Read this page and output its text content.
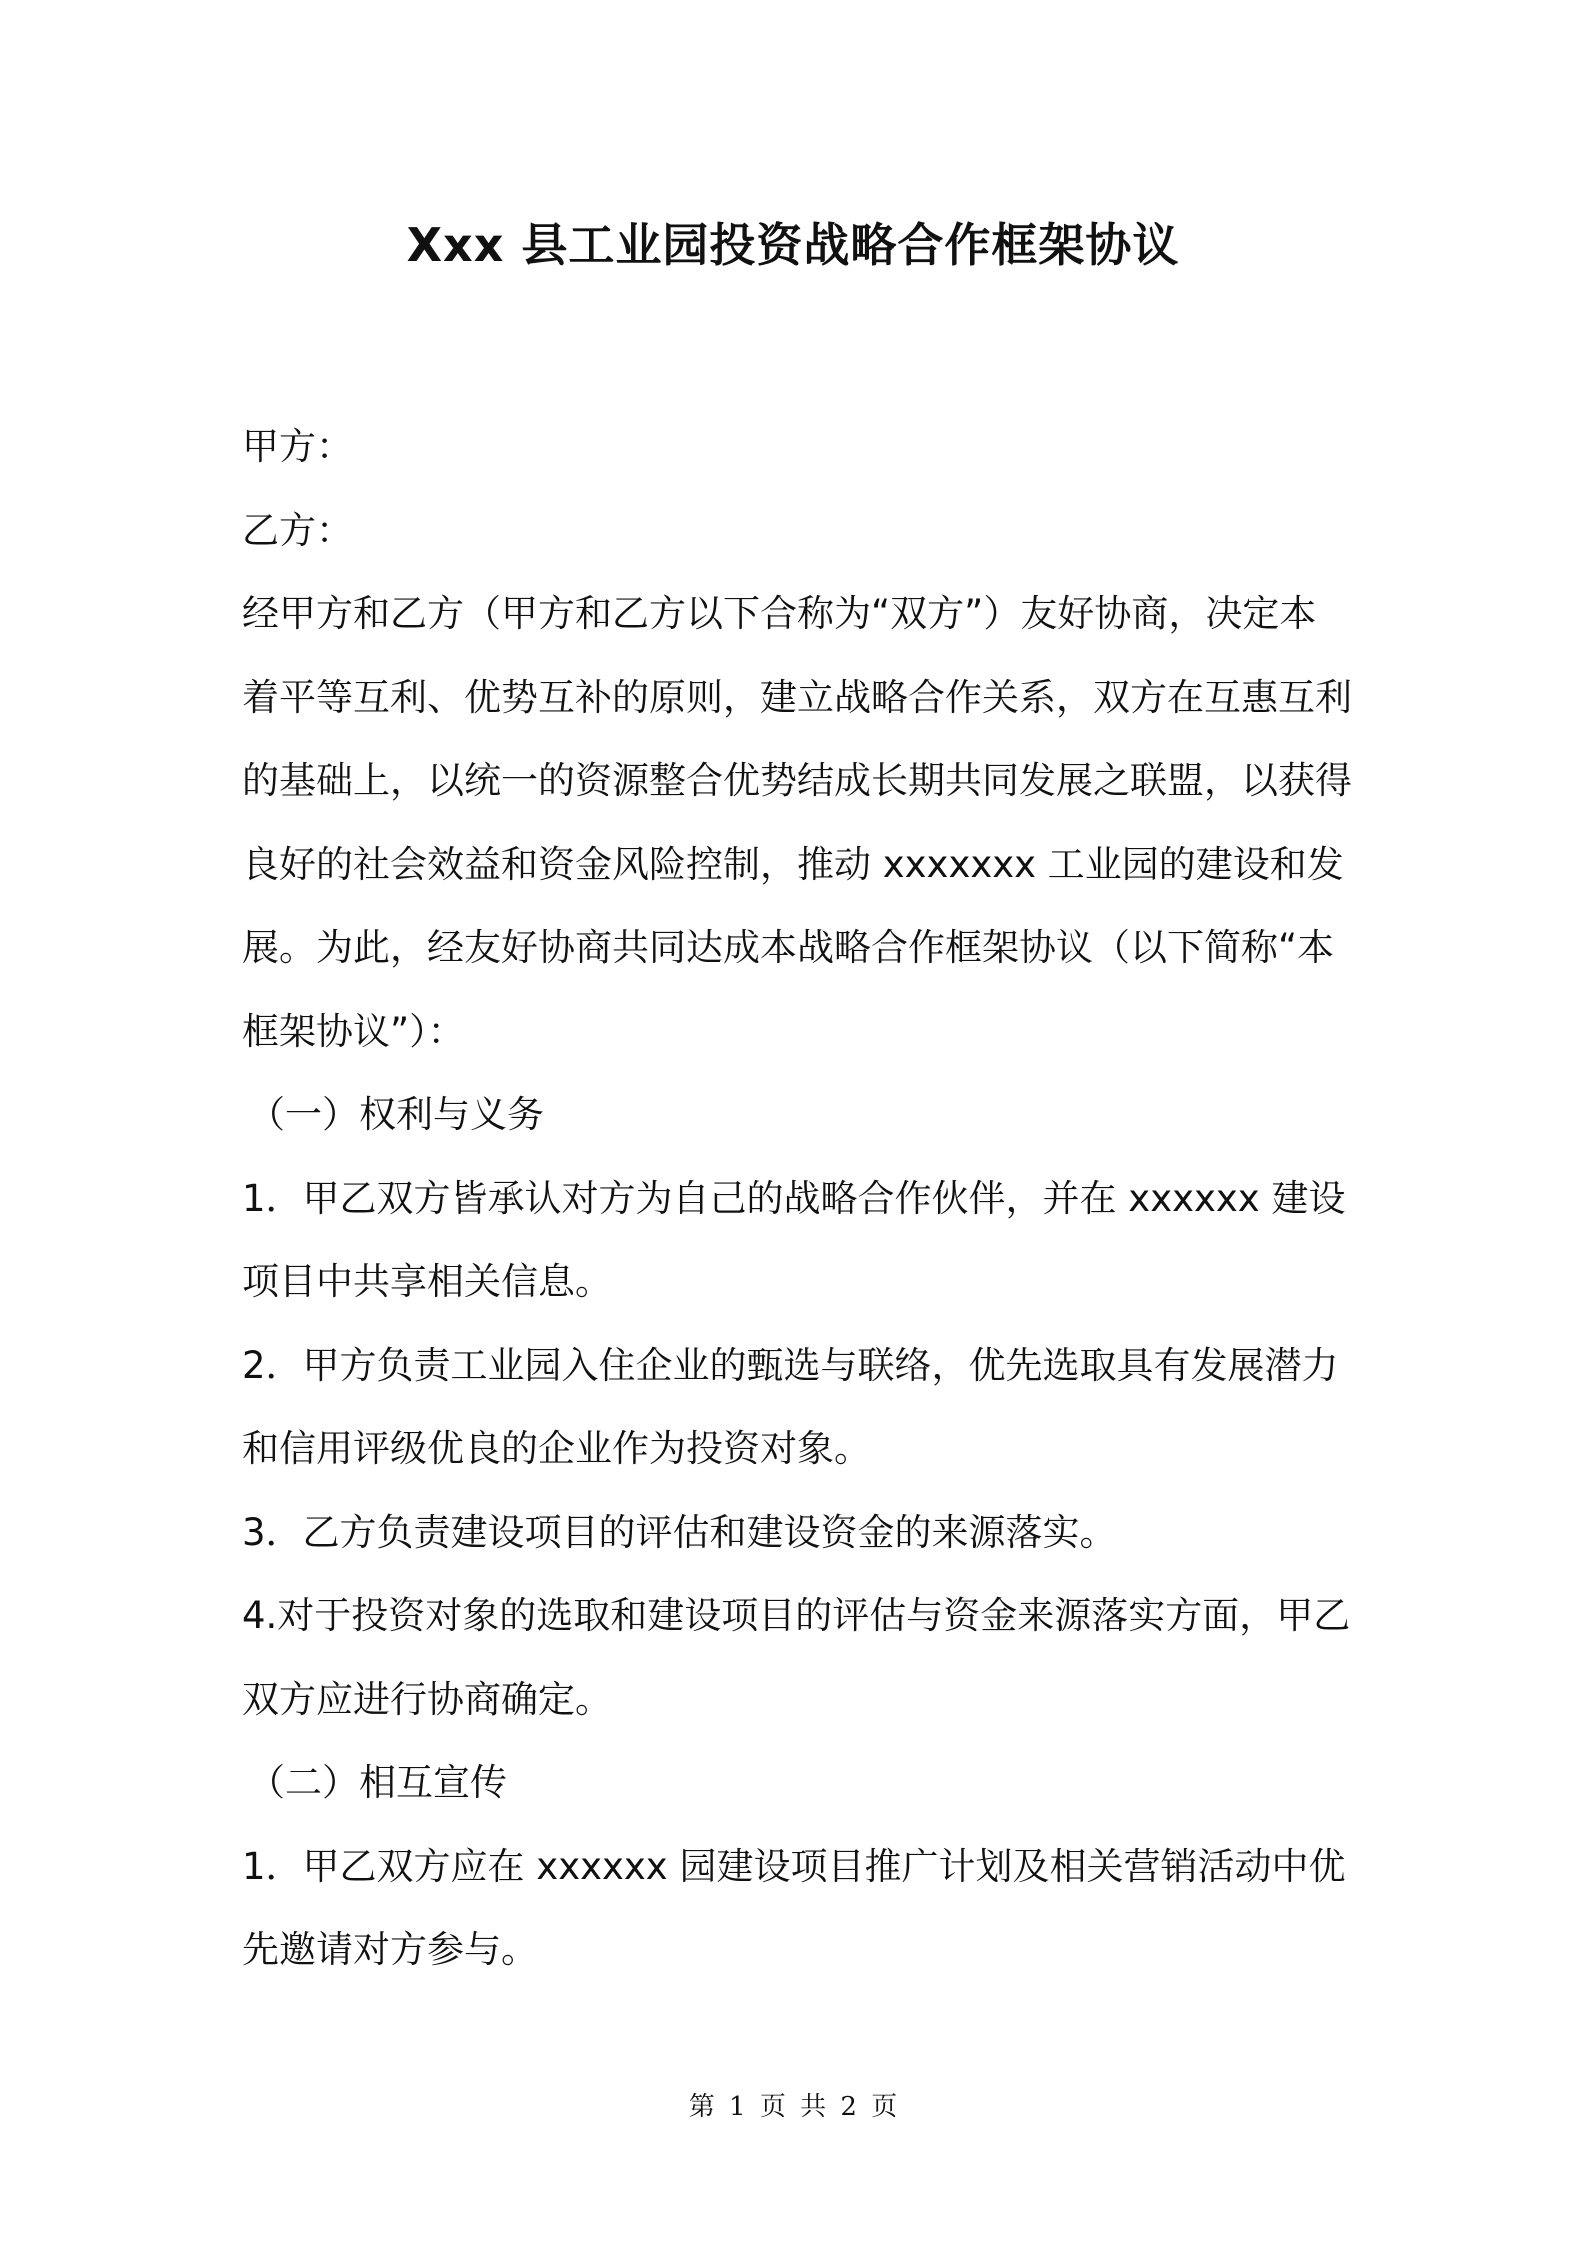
Xxx 县工业园投资战略合作框架协议
甲方：
乙方：
经甲方和乙方（甲方和乙方以下合称为“双方”）友好协商，决定本
着平等互利、优势互补的原则，建立战略合作关系，双方在互惠互利
的基础上，以统一的资源整合优势结成长期共同发展之联盟，以获得
良好的社会效益和资金风险控制，推动 xxxxxxx 工业园的建设和发
展。为此，经友好协商共同达成本战略合作框架协议（以下简称“本
框架协议”）：
（一）权利与义务
1．甲乙双方皆承认对方为自己的战略合作伙伴，并在 xxxxxx 建设
项目中共享相关信息。
2．甲方负责工业园入住企业的甄选与联络，优先选取具有发展潜力
和信用评级优良的企业作为投资对象。
3．乙方负责建设项目的评估和建设资金的来源落实。
4.对于投资对象的选取和建设项目的评估与资金来源落实方面，甲乙
双方应进行协商确定。
（二）相互宣传
1．甲乙双方应在 xxxxxx 园建设项目推广计划及相关营销活动中优
先邀请对方参与。
第 1 页 共 2 页
